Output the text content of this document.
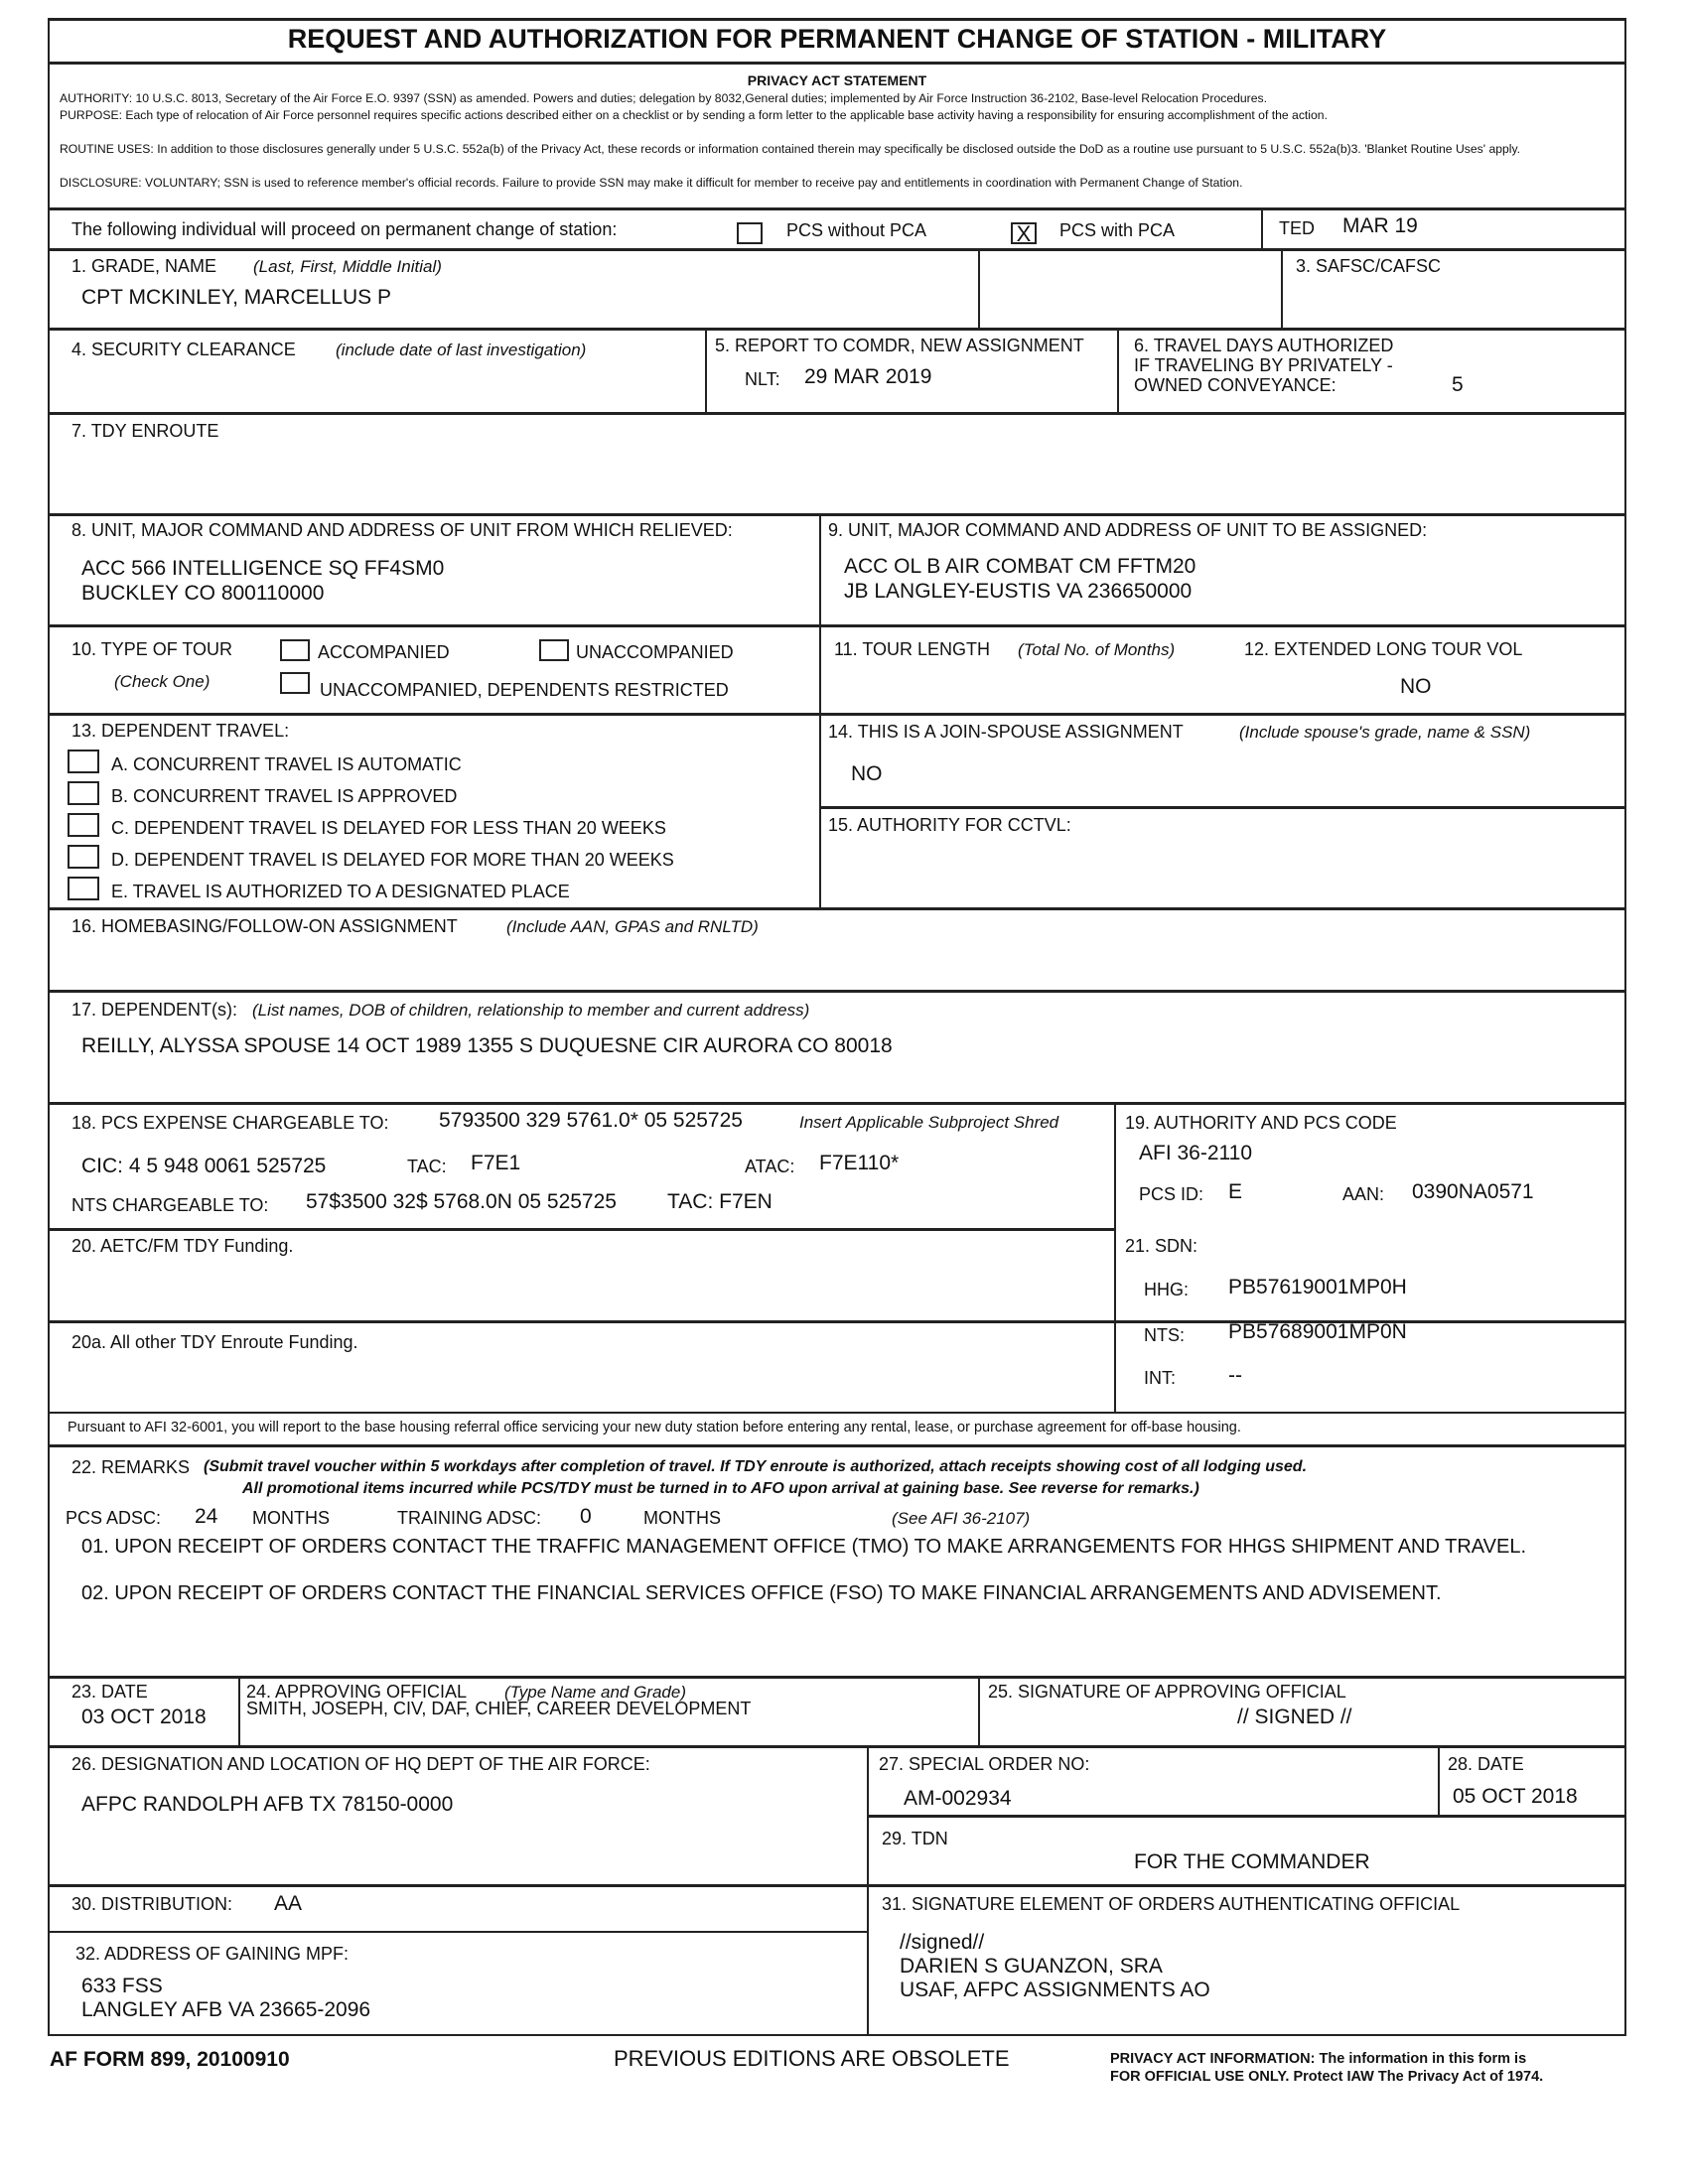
REQUEST AND AUTHORIZATION FOR PERMANENT CHANGE OF STATION - MILITARY
PRIVACY ACT STATEMENT
AUTHORITY: 10 U.S.C. 8013, Secretary of the Air Force E.O. 9397 (SSN) as amended. Powers and duties; delegation by 8032,General duties; implemented by Air Force Instruction 36-2102, Base-level Relocation Procedures.
PURPOSE: Each type of relocation of Air Force personnel requires specific actions described either on a checklist or by sending a form letter to the applicable base activity having a responsibility for ensuring accomplishment of the action.
ROUTINE USES: In addition to those disclosures generally under 5 U.S.C. 552a(b) of the Privacy Act, these records or information contained therein may specifically be disclosed outside the DoD as a routine use pursuant to 5 U.S.C. 552a(b)3. 'Blanket Routine Uses' apply.
DISCLOSURE: VOLUNTARY; SSN is used to reference member's official records. Failure to provide SSN may make it difficult for member to receive pay and entitlements in coordination with Permanent Change of Station.
The following individual will proceed on permanent change of station:	PCS without PCA	X	PCS with PCA	TED MAR 19
1. GRADE, NAME (Last, First, Middle Initial)
CPT MCKINLEY, MARCELLUS P
3. SAFSC/CAFSC
4. SECURITY CLEARANCE (include date of last investigation)	5. REPORT TO COMDR, NEW ASSIGNMENT
NLT: 29 MAR 2019
6. TRAVEL DAYS AUTHORIZED
IF TRAVELING BY PRIVATELY -
OWNED CONVEYANCE:	5
7. TDY ENROUTE
8. UNIT, MAJOR COMMAND AND ADDRESS OF UNIT FROM WHICH RELIEVED:
ACC 566 INTELLIGENCE SQ FF4SM0
BUCKLEY CO 800110000
9. UNIT, MAJOR COMMAND AND ADDRESS OF UNIT TO BE ASSIGNED:
ACC OL B AIR COMBAT CM FFTM20
JB LANGLEY-EUSTIS VA 236650000
10. TYPE OF TOUR
(Check One)
ACCOMPANIED	UNACCOMPANIED
UNACCOMPANIED, DEPENDENTS RESTRICTED
11. TOUR LENGTH (Total No. of Months)	12. EXTENDED LONG TOUR VOL
NO
13. DEPENDENT TRAVEL:
A. CONCURRENT TRAVEL IS AUTOMATIC
B. CONCURRENT TRAVEL IS APPROVED
C. DEPENDENT TRAVEL IS DELAYED FOR LESS THAN 20 WEEKS
D. DEPENDENT TRAVEL IS DELAYED FOR MORE THAN 20 WEEKS
E. TRAVEL IS AUTHORIZED TO A DESIGNATED PLACE
14. THIS IS A JOIN-SPOUSE ASSIGNMENT	(Include spouse's grade, name & SSN)
NO
15. AUTHORITY FOR CCTVL:
16. HOMEBASING/FOLLOW-ON ASSIGNMENT	(Include AAN, GPAS and RNLTD)
17. DEPENDENT(s): (List names, DOB of children, relationship to member and current address)
REILLY, ALYSSA SPOUSE 14 OCT 1989 1355 S DUQUESNE CIR AURORA CO 80018
18. PCS EXPENSE CHARGEABLE TO: 5793500 329 5761.0* 05 525725	Insert Applicable Subproject Shred
CIC: 4 5 948 0061 525725	TAC: F7E1	ATAC: F7E110*
NTS CHARGEABLE TO: 57$3500 32$ 5768.0N 05 525725 TAC: F7EN
19. AUTHORITY AND PCS CODE
AFI 36-2110
PCS ID: E	AAN: 0390NA0571
20. AETC/FM TDY Funding.
20a. All other TDY Enroute Funding.
21. SDN:
HHG: PB57619001MP0H
NTS: PB57689001MP0N
INT:	--
Pursuant to AFI 32-6001, you will report to the base housing referral office servicing your new duty station before entering any rental, lease, or purchase agreement for off-base housing.
22. REMARKS (Submit travel voucher within 5 workdays after completion of travel. If TDY enroute is authorized, attach receipts showing cost of all lodging used.
All promotional items incurred while PCS/TDY must be turned in to AFO upon arrival at gaining base. See reverse for remarks.)
PCS ADSC: 24 MONTHS	TRAINING ADSC: 0	MONTHS	(See AFI 36-2107)
01. UPON RECEIPT OF ORDERS CONTACT THE TRAFFIC MANAGEMENT OFFICE (TMO) TO MAKE ARRANGEMENTS FOR HHGS SHIPMENT AND TRAVEL.
02. UPON RECEIPT OF ORDERS CONTACT THE FINANCIAL SERVICES OFFICE (FSO) TO MAKE FINANCIAL ARRANGEMENTS AND ADVISEMENT.
23. DATE
03 OCT 2018
24. APPROVING OFFICIAL (Type Name and Grade)
SMITH, JOSEPH, CIV, DAF, CHIEF, CAREER DEVELOPMENT
25. SIGNATURE OF APPROVING OFFICIAL
// SIGNED //
26. DESIGNATION AND LOCATION OF HQ DEPT OF THE AIR FORCE:
AFPC RANDOLPH AFB TX 78150-0000
27. SPECIAL ORDER NO:
AM-002934
28. DATE
05 OCT 2018
29. TDN
FOR THE COMMANDER
30. DISTRIBUTION: AA	31. SIGNATURE ELEMENT OF ORDERS AUTHENTICATING OFFICIAL
//signed//
DARIEN S GUANZON, SRA
USAF, AFPC ASSIGNMENTS AO
32. ADDRESS OF GAINING MPF:
633 FSS
LANGLEY AFB VA 23665-2096
AF FORM 899, 20100910	PREVIOUS EDITIONS ARE OBSOLETE	PRIVACY ACT INFORMATION: The information in this form is
FOR OFFICIAL USE ONLY. Protect IAW The Privacy Act of 1974.
